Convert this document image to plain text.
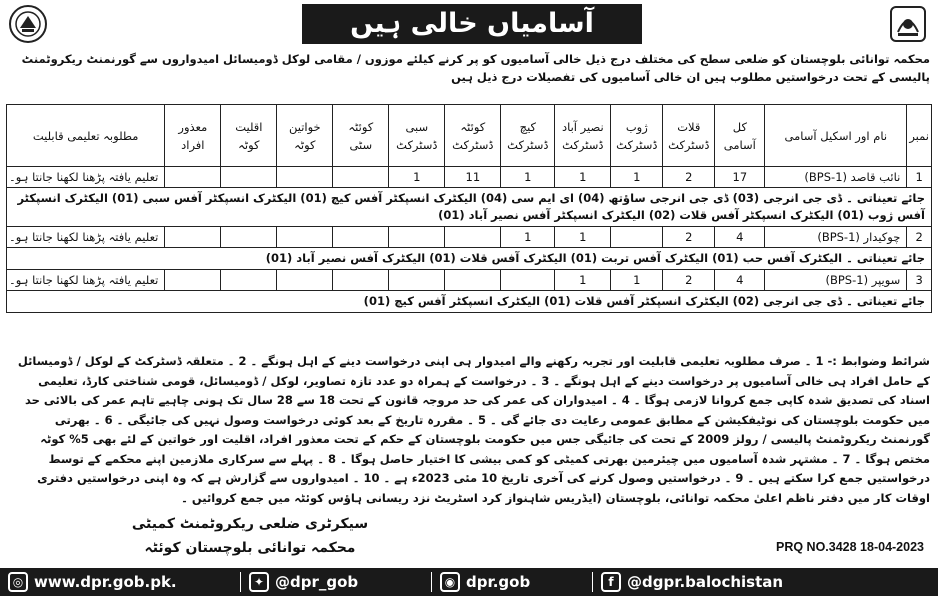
آسامیاں خالی ہیں
محکمہ توانائی بلوچستان کو ضلعی سطح کی مختلف درج ذیل خالی آسامیوں کو پر کرنے کیلئے موزوں / مقامی لوکل ڈومیسائل امیدواروں سے گورنمنٹ ریکروٹمنٹ پالیسی کے تحت درخواستیں مطلوب ہیں ان خالی آسامیوں کی تفصیلات درج ذیل ہیں
نمبر	نام اور اسکیل آسامی	کل آسامی	قلات ڈسٹرکٹ	ژوب ڈسٹرکٹ	نصیر آباد ڈسٹرکٹ	کیچ ڈسٹرکٹ	کوئٹہ ڈسٹرکٹ	سبی ڈسٹرکٹ	کوئٹہ سٹی	خواتین کوٹہ	اقلیت کوٹہ	معذور افراد	مطلوبہ تعلیمی قابلیت
1	نائب قاصد (BPS-1)	17	2	1	1	1	11	1					تعلیم یافتہ پڑھنا لکھنا جانتا ہو۔
جائے تعیناتی ۔ ڈی جی انرجی (03) ڈی جی انرجی ساؤتھ (04) ای ایم سی (04) الیکٹرک انسپکٹر آفس کیچ (01) الیکٹرک انسپکٹر آفس سبی (01) الیکٹرک انسپکٹر آفس ژوب (01) الیکٹرک انسپکٹر آفس قلات (02) الیکٹرک انسپکٹر آفس نصیر آباد (01)													
2	چوکیدار (BPS-1)	4	2		1	1							تعلیم یافتہ پڑھنا لکھنا جانتا ہو۔
جائے تعیناتی ۔ الیکٹرک آفس حب (01) الیکٹرک آفس تربت (01) الیکٹرک آفس قلات (01) الیکٹرک آفس نصیر آباد (01)													
3	سویپر (BPS-1)	4	2	1	1								تعلیم یافتہ پڑھنا لکھنا جانتا ہو۔
جائے تعیناتی ۔ ڈی جی انرجی (02) الیکٹرک انسپکٹر آفس قلات (01) الیکٹرک انسپکٹر آفس کیچ (01)													
شرائط وضوابط :- 1 ۔ صرف مطلوبہ تعلیمی قابلیت اور تجربہ رکھنے والے امیدوار ہی اپنی درخواست دینے کے اہل ہونگے ۔ 2 ۔ متعلقہ ڈسٹرکٹ کے لوکل / ڈومیسائل کے حامل افراد ہی خالی آسامیوں پر درخواست دینے کے اہل ہونگے ۔ 3 ۔ درخواست کے ہمراہ دو عدد تازہ تصاویر، لوکل / ڈومیسائل، قومی شناختی کارڈ، تعلیمی اسناد کی تصدیق شدہ کاپی جمع کروانا لازمی ہوگا ۔ 4 ۔ امیدواران کی عمر کی حد مروجہ قانون کے تحت 18 سے 28 سال تک ہونی چاہیے تاہم عمر کی بالائی حد میں حکومت بلوچستان کی نوٹیفکیشن کے مطابق عمومی رعایت دی جائے گی ۔ 5 ۔ مقررہ تاریخ کے بعد کوئی درخواست وصول نہیں کی جائیگی ۔ 6 ۔ بھرتی گورنمنٹ ریکروٹمنٹ پالیسی / رولز 2009 کے تحت کی جائیگی جس میں حکومت بلوچستان کے حکم کے تحت معذور افراد، اقلیت اور خواتین کے لئے بھی 5% کوٹہ مختص ہوگا ۔ 7 ۔ مشتہر شدہ آسامیوں میں چیئرمین بھرتی کمیٹی کو کمی بیشی کا اختیار حاصل ہوگا ۔ 8 ۔ پہلے سے سرکاری ملازمین اپنے محکمے کے توسط درخواستیں جمع کرا سکتے ہیں ۔ 9 ۔ درخواستیں وصول کرنے کی آخری تاریخ 10 مئی 2023ء ہے ۔ 10 ۔ امیدواروں سے گزارش ہے کہ وہ اپنی درخواستیں دفتری اوقات کار میں دفتر ناظم اعلیٰ محکمہ توانائی، بلوچستان (ایڈریس شاہنواز کرد اسٹریٹ نزد ریسانی ہاؤس کوئٹہ میں جمع کروائیں ۔
سیکرٹری ضلعی ریکروٹمنٹ کمیٹی
محکمہ توانائی بلوچستان کوئٹہ	PRQ NO.3428 18-04-2023
◎ www.dpr.gob.pk.	✦ @dpr_gob	◉ dpr.gob	f @dgpr.balochistan
